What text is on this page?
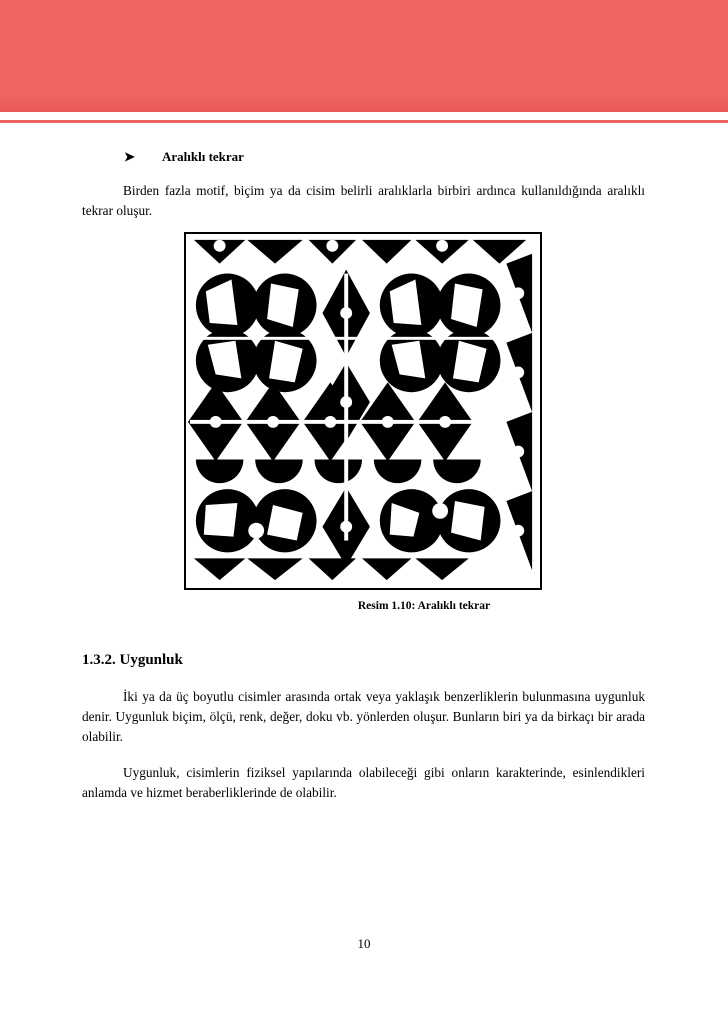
➤	Aralıklı tekrar

Birden fazla motif, biçim ya da cisim belirli aralıklarla birbiri ardınca kullanıldığında aralıklı tekrar oluşur.

Resim 1.10: Aralıklı tekrar
1.3.2. Uygunluk

İki ya da üç boyutlu cisimler arasında ortak veya yaklaşık benzerliklerin bulunmasına uygunluk denir. Uygunluk biçim, ölçü, renk, değer, doku vb. yönlerden oluşur. Bunların biri ya da birkaçı bir arada olabilir.

Uygunluk, cisimlerin fiziksel yapılarında olabileceği gibi onların karakterinde, esinlendikleri anlamda ve hizmet beraberliklerinde de olabilir.

10
